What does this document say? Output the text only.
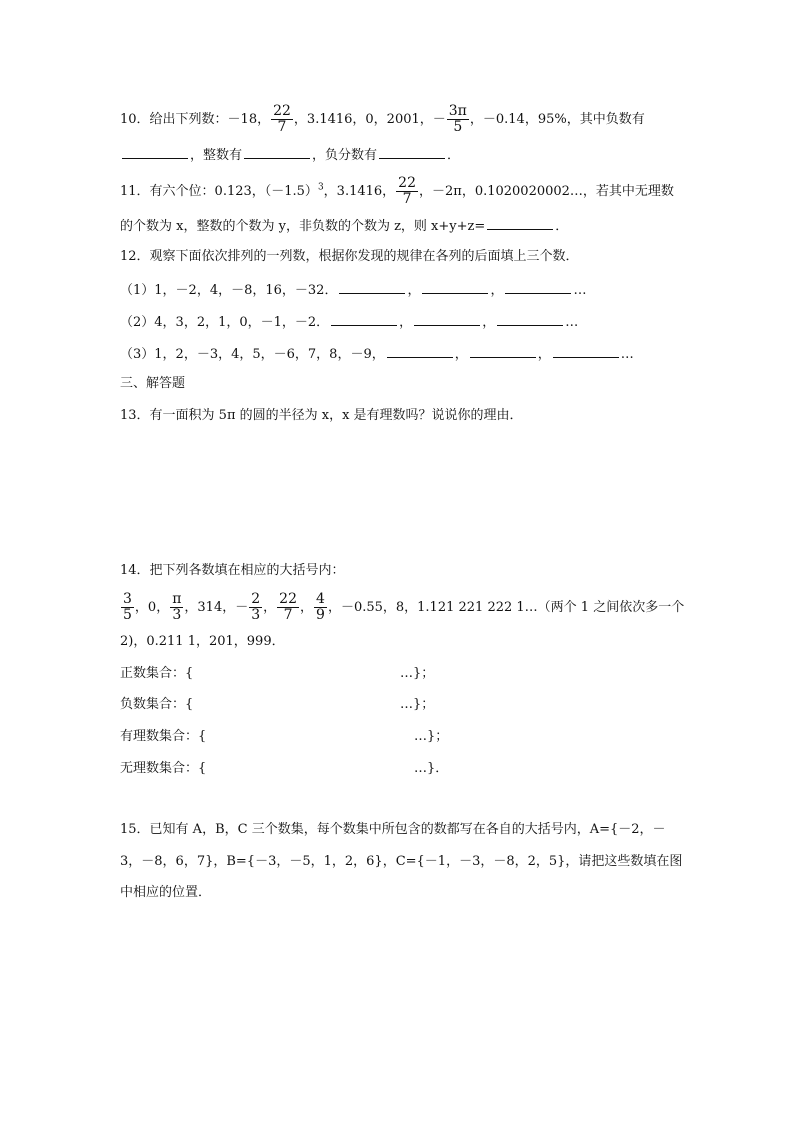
10．给出下列数：－18， $\frac{22}{7}$ ，3.1416，0，2001，－ $\frac{3\pi}{5}$ ，－0.14，95%，其中负数有
，整数有	，负分数有	．
11．有六个位：0.123，$(-1.5)^3$，3.1416， $\frac{22}{7}$ ，－2π，0.1020020002…，若其中无理数
的个数为 x，整数的个数为 y，非负数的个数为 z，则 x+y+z=	．
12．观察下面依次排列的一列数，根据你发现的规律在各列的后面填上三个数．
（1）1，－2，4，－8，16，－32．	，	，	…
（2）4，3，2，1，0，－1，－2．	，	，	…
（3）1，2，－3，4，5，－6，7，8，－9，	，	，	…
三、解答题
13．有一面积为 5π 的圆的半径为 x，x 是有理数吗？说说你的理由．
14．把下列各数填在相应的大括号内：
$\frac{3}{5}$ ，0， $\frac{\pi}{3}$ ，314，－ $\frac{2}{3}$ ， $\frac{22}{7}$ ， $\frac{4}{9}$ ，－0.55，8，1.121 221 222 1…（两个 1 之间依次多一个
2)，0.211 1，201，999．
正数集合：{	…}；
负数集合：{	…}；
有理数集合：{	…}；
无理数集合：{	…}．
15．已知有 A，B，C 三个数集，每个数集中所包含的数都写在各自的大括号内，A={－2，－
3，－8，6，7}，B={－3，－5，1，2，6}，C={－1，－3，－8，2，5}，请把这些数填在图
中相应的位置．
